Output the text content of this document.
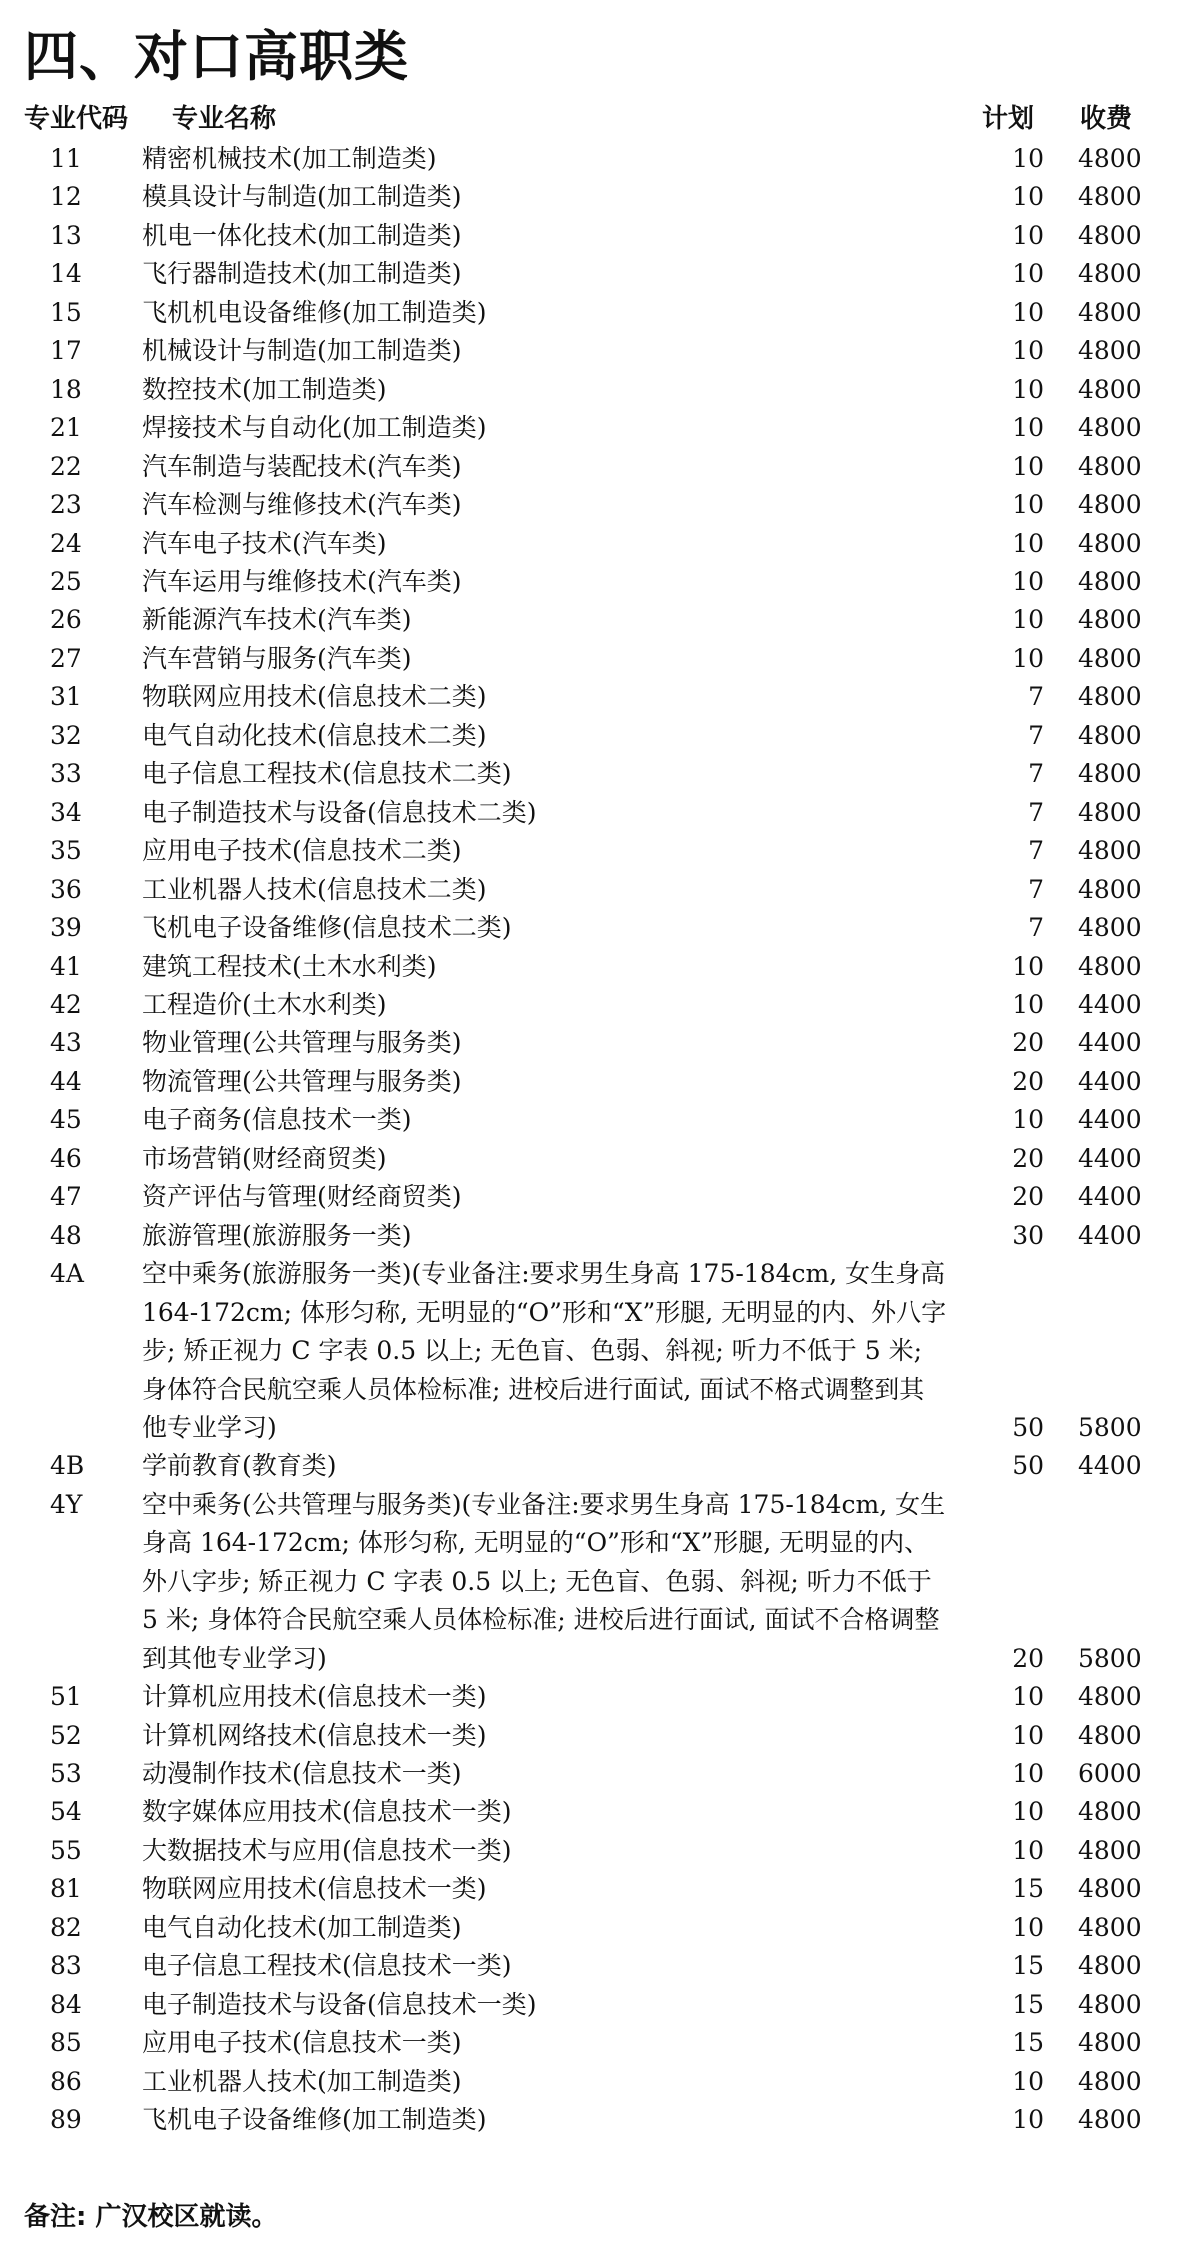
四、对口高职类
专业代码 专业名称	计划 收费
11	精密机械技术(加工制造类)	10 4800
12	模具设计与制造(加工制造类)	10 4800
13	机电一体化技术(加工制造类)	10 4800
14	飞行器制造技术(加工制造类)	10 4800
15	飞机机电设备维修(加工制造类)	10 4800
17	机械设计与制造(加工制造类)	10 4800
18	数控技术(加工制造类)	10 4800
21	焊接技术与自动化(加工制造类)	10 4800
22	汽车制造与装配技术(汽车类)	10 4800
23	汽车检测与维修技术(汽车类)	10 4800
24	汽车电子技术(汽车类)	10 4800
25	汽车运用与维修技术(汽车类)	10 4800
26	新能源汽车技术(汽车类)	10 4800
27	汽车营销与服务(汽车类)	10 4800
31	物联网应用技术(信息技术二类)	7 4800
32	电气自动化技术(信息技术二类)	7 4800
33	电子信息工程技术(信息技术二类)	7 4800
34	电子制造技术与设备(信息技术二类)	7 4800
35	应用电子技术(信息技术二类)	7 4800
36	工业机器人技术(信息技术二类)	7 4800
39	飞机电子设备维修(信息技术二类)	7 4800
41	建筑工程技术(土木水利类)	10 4800
42	工程造价(土木水利类)	10 4400
43	物业管理(公共管理与服务类)	20 4400
44	物流管理(公共管理与服务类)	20 4400
45	电子商务(信息技术一类)	10 4400
46	市场营销(财经商贸类)	20 4400
47	资产评估与管理(财经商贸类)	20 4400
48	旅游管理(旅游服务一类)	30 4400
4A	空中乘务(旅游服务一类)(专业备注:要求男生身高 175-184cm, 女生身高 164-172cm; 体形匀称, 无明显的“O”形和“X”形腿, 无明显的内、外八字步; 矫正视力 C 字表 0.5 以上; 无色盲、色弱、斜视; 听力不低于 5 米; 身体符合民航空乘人员体检标准; 进校后进行面试, 面试不格式调整到其他专业学习)	50 5800
4B	学前教育(教育类)	50 4400
4Y	空中乘务(公共管理与服务类)(专业备注:要求男生身高 175-184cm, 女生身高 164-172cm; 体形匀称, 无明显的“O”形和“X”形腿, 无明显的内、外八字步; 矫正视力 C 字表 0.5 以上; 无色盲、色弱、斜视; 听力不低于 5 米; 身体符合民航空乘人员体检标准; 进校后进行面试, 面试不合格调整到其他专业学习)	20 5800
51	计算机应用技术(信息技术一类)	10 4800
52	计算机网络技术(信息技术一类)	10 4800
53	动漫制作技术(信息技术一类)	10 6000
54	数字媒体应用技术(信息技术一类)	10 4800
55	大数据技术与应用(信息技术一类)	10 4800
81	物联网应用技术(信息技术一类)	15 4800
82	电气自动化技术(加工制造类)	10 4800
83	电子信息工程技术(信息技术一类)	15 4800
84	电子制造技术与设备(信息技术一类)	15 4800
85	应用电子技术(信息技术一类)	15 4800
86	工业机器人技术(加工制造类)	10 4800
89	飞机电子设备维修(加工制造类)	10 4800
备注: 广汉校区就读。
